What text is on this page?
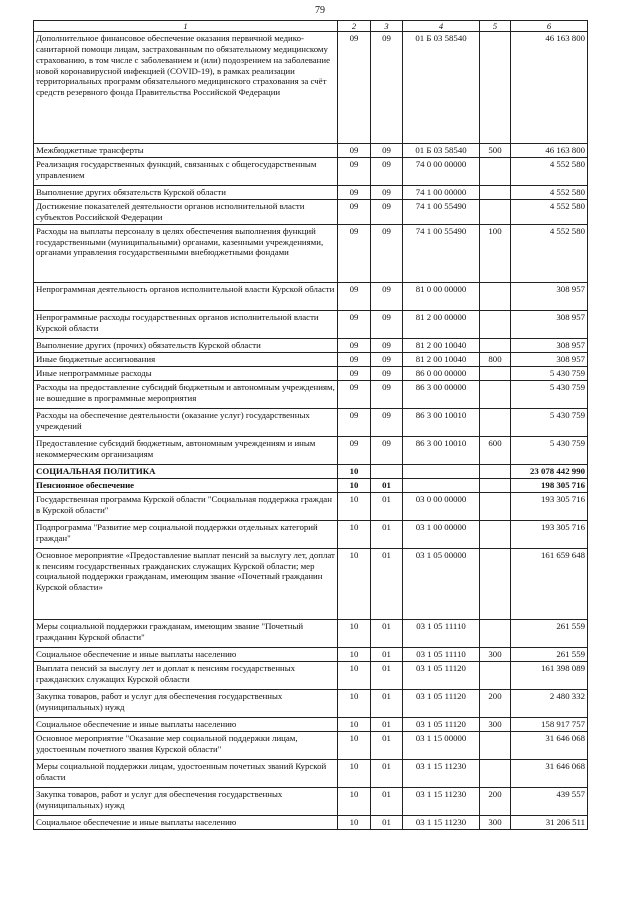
79
1	2	3	4	5	6
Дополнительное финансовое обеспечение оказания первичной медико-санитарной помощи лицам, застрахованным по обязательному медицинскому страхованию, в том числе с заболеванием и (или) подозрением на заболевание новой коронавирусной инфекцией (COVID-19), в рамках реализации территориальных программ обязательного медицинского страхования за счёт средств резервного фонда Правительства Российской Федерации	09	09	01 Б 03 58540		46 163 800
Межбюджетные трансферты	09	09	01 Б 03 58540	500	46 163 800
Реализация государственных функций, связанных с общегосударственным управлением	09	09	74 0 00 00000		4 552 580
Выполнение других обязательств Курской области	09	09	74 1 00 00000		4 552 580
Достижение показателей деятельности органов исполнительной власти субъектов Российской Федерации	09	09	74 1 00 55490		4 552 580
Расходы на выплаты персоналу в целях обеспечения выполнения функций государственными (муниципальными) органами, казенными учреждениями, органами управления государственными внебюджетными фондами	09	09	74 1 00 55490	100	4 552 580
Непрограммная деятельность органов исполнительной власти Курской области	09	09	81 0 00 00000		308 957
Непрограммные расходы государственных органов исполнительной власти Курской области	09	09	81 2 00 00000		308 957
Выполнение других (прочих) обязательств Курской области	09	09	81 2 00 10040		308 957
Иные бюджетные ассигнования	09	09	81 2 00 10040	800	308 957
Иные непрограммные расходы	09	09	86 0 00 00000		5 430 759
Расходы на предоставление субсидий бюджетным и автономным учреждениям, не вошедшие в программные мероприятия	09	09	86 3 00 00000		5 430 759
Расходы на обеспечение деятельности (оказание услуг) государственных учреждений	09	09	86 3 00 10010		5 430 759
Предоставление субсидий бюджетным, автономным учреждениям и иным некоммерческим организациям	09	09	86 3 00 10010	600	5 430 759
СОЦИАЛЬНАЯ ПОЛИТИКА	10				23 078 442 990
Пенсионное обеспечение	10	01			198 305 716
Государственная программа Курской области "Социальная поддержка граждан в Курской области"	10	01	03 0 00 00000		193 305 716
Подпрограмма "Развитие мер социальной поддержки отдельных категорий граждан"	10	01	03 1 00 00000		193 305 716
Основное мероприятие «Предоставление выплат пенсий за выслугу лет, доплат к пенсиям государственных гражданских служащих Курской области; мер социальной поддержки гражданам, имеющим звание «Почетный гражданин Курской области»	10	01	03 1 05 00000		161 659 648
Меры социальной поддержки гражданам, имеющим звание "Почетный гражданин Курской области"	10	01	03 1 05 11110		261 559
Социальное обеспечение и иные выплаты населению	10	01	03 1 05 11110	300	261 559
Выплата пенсий за выслугу лет и доплат к пенсиям государственных гражданских служащих Курской области	10	01	03 1 05 11120		161 398 089
Закупка товаров, работ и услуг для обеспечения государственных (муниципальных) нужд	10	01	03 1 05 11120	200	2 480 332
Социальное обеспечение и иные выплаты населению	10	01	03 1 05 11120	300	158 917 757
Основное мероприятие "Оказание мер социальной поддержки лицам, удостоенным почетного звания Курской области"	10	01	03 1 15 00000		31 646 068
Меры социальной поддержки лицам, удостоенным почетных званий Курской области	10	01	03 1 15 11230		31 646 068
Закупка товаров, работ и услуг для обеспечения государственных (муниципальных) нужд	10	01	03 1 15 11230	200	439 557
Социальное обеспечение и иные выплаты населению	10	01	03 1 15 11230	300	31 206 511
